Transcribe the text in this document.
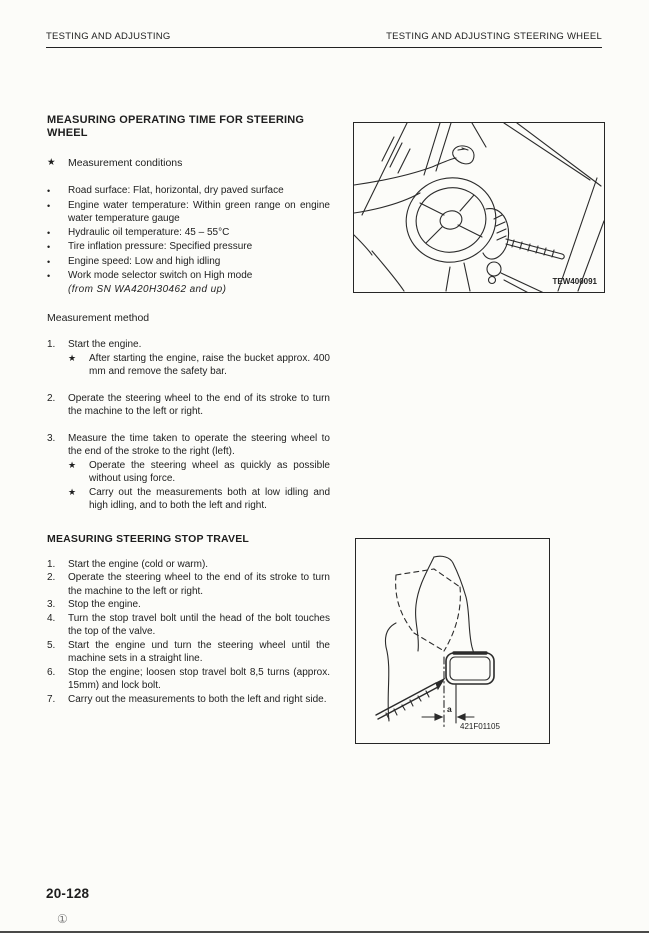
TESTING AND ADJUSTING	TESTING AND ADJUSTING STEERING WHEEL
MEASURING OPERATING TIME FOR STEERING WHEEL
★	Measurement conditions
•	Road surface: Flat, horizontal, dry paved surface
•	Engine water temperature: Within green range on engine water temperature gauge
•	Hydraulic oil temperature: 45 – 55°C
•	Tire inflation pressure: Specified pressure
•	Engine speed: Low and high idling
•	Work mode selector switch on High mode
(from SN WA420H30462 and up)
Measurement method
1.	Start the engine.
★	After starting the engine, raise the bucket approx. 400 mm and remove the safety bar.
2.	Operate the steering wheel to the end of its stroke to turn the machine to the left or right.
3.	Measure the time taken to operate the steering wheel to the end of the stroke to the right (left).
★	Operate the steering wheel as quickly as possible without using force.
★	Carry out the measurements both at low idling and high idling, and to both the left and right.
MEASURING STEERING STOP TRAVEL
1.	Start the engine (cold or warm).
2.	Operate the steering wheel to the end of its stroke to turn the machine to the left or right.
3.	Stop the engine.
4.	Turn the stop travel bolt until the head of the bolt touches the top of the valve.
5.	Start the engine und turn the steering wheel until the machine sets in a straight line.
6.	Stop the engine; loosen stop travel bolt 8,5 turns (approx. 15mm) and lock bolt.
7.	Carry out the measurements to both the left and right side.
TEW400091
a
421F01105
20-128
①
